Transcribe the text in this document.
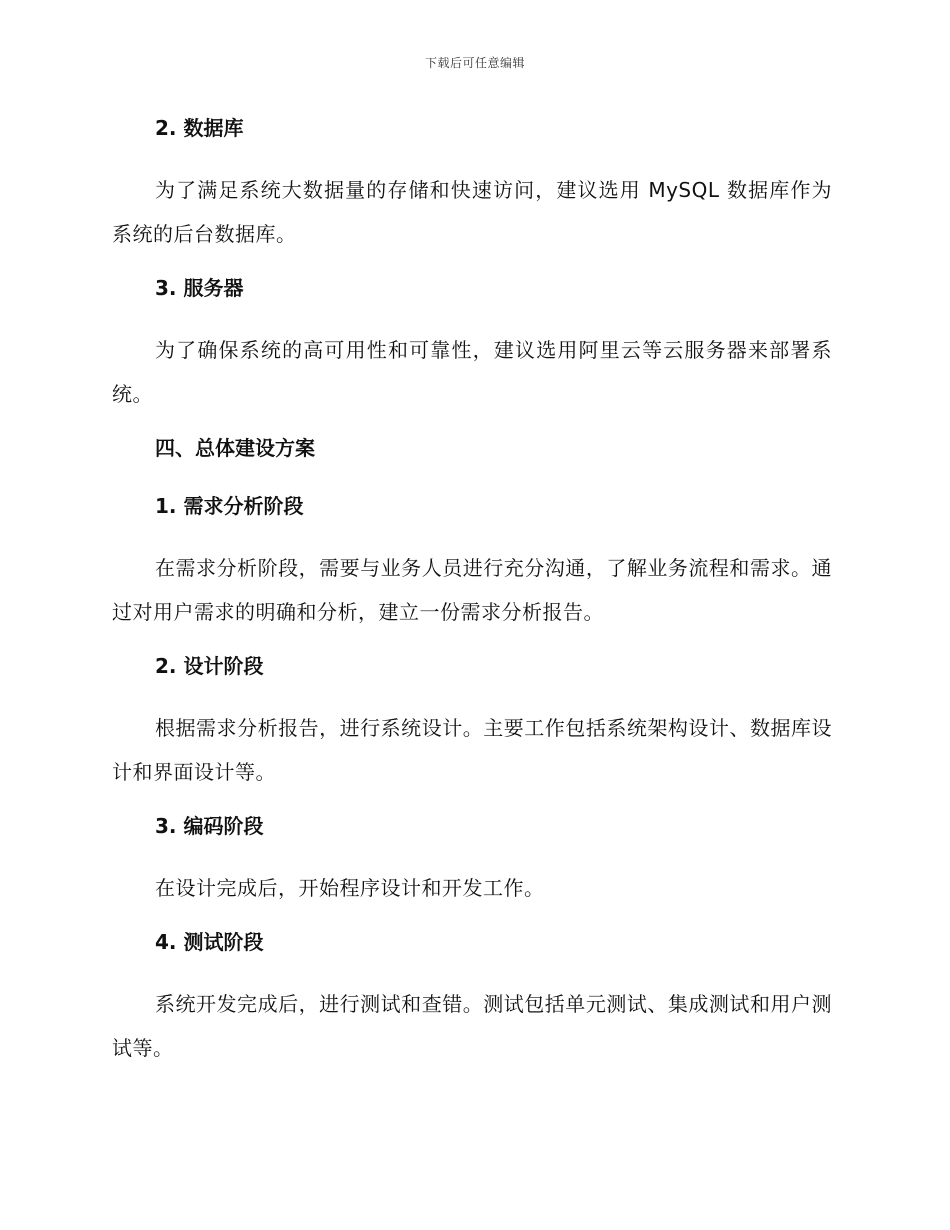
下载后可任意编辑
2. 数据库
为了满足系统大数据量的存储和快速访问，建议选用 MySQL 数据库作为系统的后台数据库。
3. 服务器
为了确保系统的高可用性和可靠性，建议选用阿里云等云服务器来部署系统。
四、总体建设方案
1. 需求分析阶段
在需求分析阶段，需要与业务人员进行充分沟通，了解业务流程和需求。通过对用户需求的明确和分析，建立一份需求分析报告。
2. 设计阶段
根据需求分析报告，进行系统设计。主要工作包括系统架构设计、数据库设计和界面设计等。
3. 编码阶段
在设计完成后，开始程序设计和开发工作。
4. 测试阶段
系统开发完成后，进行测试和查错。测试包括单元测试、集成测试和用户测试等。
